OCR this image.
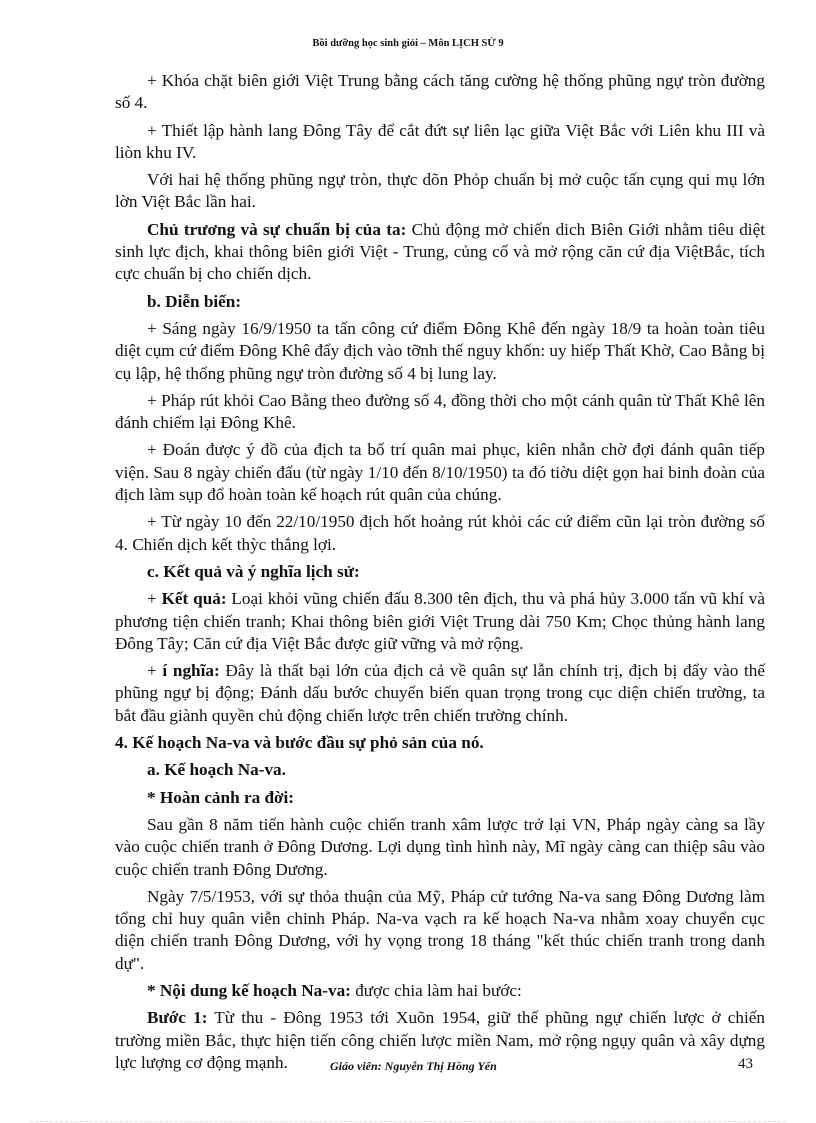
Bồi dưỡng học sinh giỏi – Môn LỊCH SỬ 9

+ Khóa chặt biên giới Việt Trung bằng cách tăng cường hệ thống phũng ngự tròn đường số 4.

+ Thiết lập hành lang Đông Tây để cắt đứt sự liên lạc giữa Việt Bắc với Liên khu III và liòn khu IV.

Với hai hệ thống phũng ngự tròn, thực dõn Phỏp chuẩn bị mở cuộc tấn cụng qui mụ lớn lờn Việt Bắc lần hai.

Chủ trương và sự chuẩn bị của ta: Chủ động mở chiến dich Biên Giới nhằm tiêu diệt sinh lực địch, khai thông biên giới Việt - Trung, củng cố và mở rộng căn cứ địa ViệtBắc, tích cực chuẩn bị cho chiến dịch.

b. Diễn biến:

+ Sáng ngày 16/9/1950 ta tấn công cứ điểm Đông Khê đến ngày 18/9 ta hoàn toàn tiêu diệt cụm cứ điểm Đông Khê đẩy địch vào tỡnh thế nguy khốn: uy hiếp Thất Khờ, Cao Bằng bị cụ lập, hệ thống phũng ngự tròn đường số 4 bị lung lay.

+ Pháp rút khỏi Cao Bằng theo đường số 4, đồng thời cho một cánh quân từ Thất Khê lên đánh chiếm lại Đông Khê.

+ Đoán được ý đồ của địch ta bố trí quân mai phục, kiên nhẫn chờ đợi đánh quân tiếp viện. Sau 8 ngày chiến đấu (từ ngày 1/10 đến 8/10/1950) ta đó tiờu diệt gọn hai binh đoàn của địch làm sụp đổ hoàn toàn kế hoạch rút quân của chúng.

+ Từ ngày 10 đến 22/10/1950 địch hốt hoảng rút khỏi các cứ điểm cũn lại tròn đường số 4. Chiến dịch kết thỳc thắng lợi.

c. Kết quả và ý nghĩa lịch sử:

+ Kết quả: Loại khỏi vũng chiến đấu 8.300 tên địch, thu và phá hủy 3.000 tấn vũ khí và phương tiện chiến tranh; Khai thông biên giới Việt Trung dài 750 Km; Chọc thủng hành lang Đông Tây; Căn cứ địa Việt Bắc được giữ vững và mở rộng.

+ í nghĩa: Đây là thất bại lớn của địch cả về quân sự lẫn chính trị, địch bị đẩy vào thế phũng ngự bị động; Đánh dấu bước chuyển biến quan trọng trong cục diện chiến trường, ta bắt đầu giành quyền chủ động chiến lược trên chiến trường chính.

4. Kế hoạch Na-va và bước đầu sự phỏ sản của nó.

a. Kế hoạch Na-va.

* Hoàn cảnh ra đời:

Sau gần 8 năm tiến hành cuộc chiến tranh xâm lược trở lại VN, Pháp ngày càng sa lầy vào cuộc chiến tranh ở Đông Dương. Lợi dụng tình hình này, Mĩ ngày càng can thiệp sâu vào cuộc chiến tranh Đông Dương.

Ngày 7/5/1953, với sự thỏa thuận của Mỹ, Pháp cử tướng Na-va sang Đông Dương làm tổng chỉ huy quân viễn chinh Pháp. Na-va vạch ra kế hoạch Na-va nhằm xoay chuyển cục diện chiến tranh Đông Dương, với hy vọng trong 18 tháng "kết thúc chiến tranh trong danh dự".

* Nội dung kế hoạch Na-va: được chia làm hai bước:

Bước 1: Từ thu - Đông 1953 tới Xuõn 1954, giữ thế phũng ngự chiến lược ở chiến trường miền Bắc, thực hiện tiến công chiến lược miền Nam, mở rộng ngụy quân và xây dựng lực lượng cơ động mạnh.	Giáo viên: Nguyễn Thị Hồng Yến	43
